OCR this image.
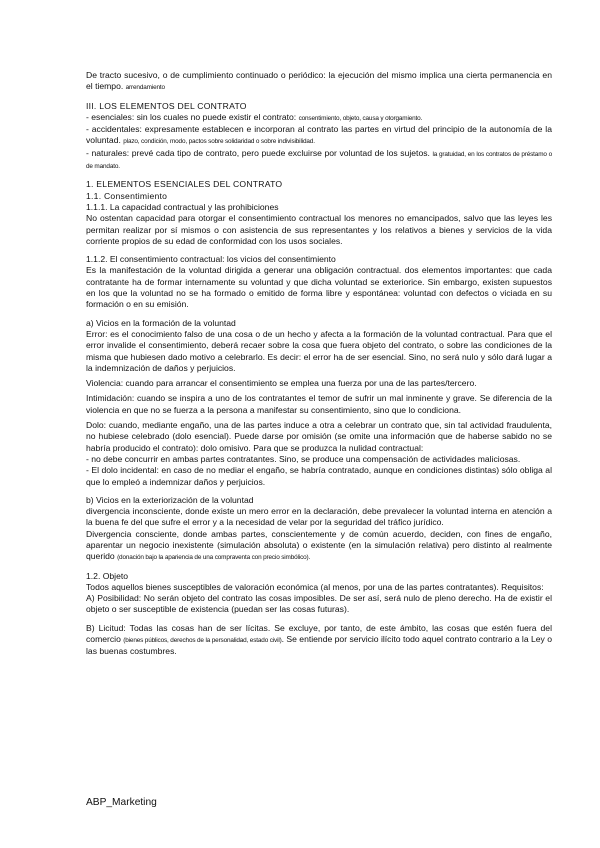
De tracto sucesivo, o de cumplimiento continuado o periódico: la ejecución del mismo implica una cierta permanencia en el tiempo. arrendamiento

III. LOS ELEMENTOS DEL CONTRATO

- esenciales: sin los cuales no puede existir el contrato: consentimiento, objeto, causa y otorgamiento.

- accidentales: expresamente establecen e incorporan al contrato las partes en virtud del principio de la autonomía de la voluntad. plazo, condición, modo, pactos sobre solidaridad o sobre indivisibilidad.

- naturales: prevé cada tipo de contrato, pero puede excluirse por voluntad de los sujetos. la gratuidad, en los contratos de préstamo o de mandato.

1. ELEMENTOS ESENCIALES DEL CONTRATO

1.1. Consentimiento

1.1.1. La capacidad contractual y las prohibiciones

No ostentan capacidad para otorgar el consentimiento contractual los menores no emancipados, salvo que las leyes les permitan realizar por sí mismos o con asistencia de sus representantes y los relativos a bienes y servicios de la vida corriente propios de su edad de conformidad con los usos sociales.

1.1.2. El consentimiento contractual: los vicios del consentimiento

Es la manifestación de la voluntad dirigida a generar una obligación contractual. dos elementos importantes: que cada contratante ha de formar internamente su voluntad y que dicha voluntad se exteriorice. Sin embargo, existen supuestos en los que la voluntad no se ha formado o emitido de forma libre y espontánea: voluntad con defectos o viciada en su formación o en su emisión.

a) Vicios en la formación de la voluntad

Error: es el conocimiento falso de una cosa o de un hecho y afecta a la formación de la voluntad contractual. Para que el error invalide el consentimiento, deberá recaer sobre la cosa que fuera objeto del contrato, o sobre las condiciones de la misma que hubiesen dado motivo a celebrarlo. Es decir: el error ha de ser esencial. Sino, no será nulo y sólo dará lugar a la indemnización de daños y perjuicios.

Violencia: cuando para arrancar el consentimiento se emplea una fuerza por una de las partes/tercero.

Intimidación: cuando se inspira a uno de los contratantes el temor de sufrir un mal inminente y grave. Se diferencia de la violencia en que no se fuerza a la persona a manifestar su consentimiento, sino que lo condiciona.

Dolo: cuando, mediante engaño, una de las partes induce a otra a celebrar un contrato que, sin tal actividad fraudulenta, no hubiese celebrado (dolo esencial). Puede darse por omisión (se omite una información que de haberse sabido no se habría producido el contrato): dolo omisivo. Para que se produzca la nulidad contractual:

- no debe concurrir en ambas partes contratantes. Sino, se produce una compensación de actividades maliciosas.

- El dolo incidental: en caso de no mediar el engaño, se habría contratado, aunque en condiciones distintas) sólo obliga al que lo empleó a indemnizar daños y perjuicios.

b) Vicios en la exteriorización de la voluntad

divergencia inconsciente, donde existe un mero error en la declaración, debe prevalecer la voluntad interna en atención a la buena fe del que sufre el error y a la necesidad de velar por la seguridad del tráfico jurídico.

Divergencia consciente, donde ambas partes, conscientemente y de común acuerdo, deciden, con fines de engaño, aparentar un negocio inexistente (simulación absoluta) o existente (en la simulación relativa) pero distinto al realmente querido (donación bajo la apariencia de una compraventa con precio simbólico).

1.2. Objeto

Todos aquellos bienes susceptibles de valoración económica (al menos, por una de las partes contratantes). Requisitos:

A) Posibilidad: No serán objeto del contrato las cosas imposibles. De ser así, será nulo de pleno derecho. Ha de existir el objeto o ser susceptible de existencia (puedan ser las cosas futuras).

B) Licitud: Todas las cosas han de ser lícitas. Se excluye, por tanto, de este ámbito, las cosas que estén fuera del comercio (bienes públicos, derechos de la personalidad, estado civil). Se entiende por servicio ilícito todo aquel contrato contrario a la Ley o las buenas costumbres.

ABP_Marketing
